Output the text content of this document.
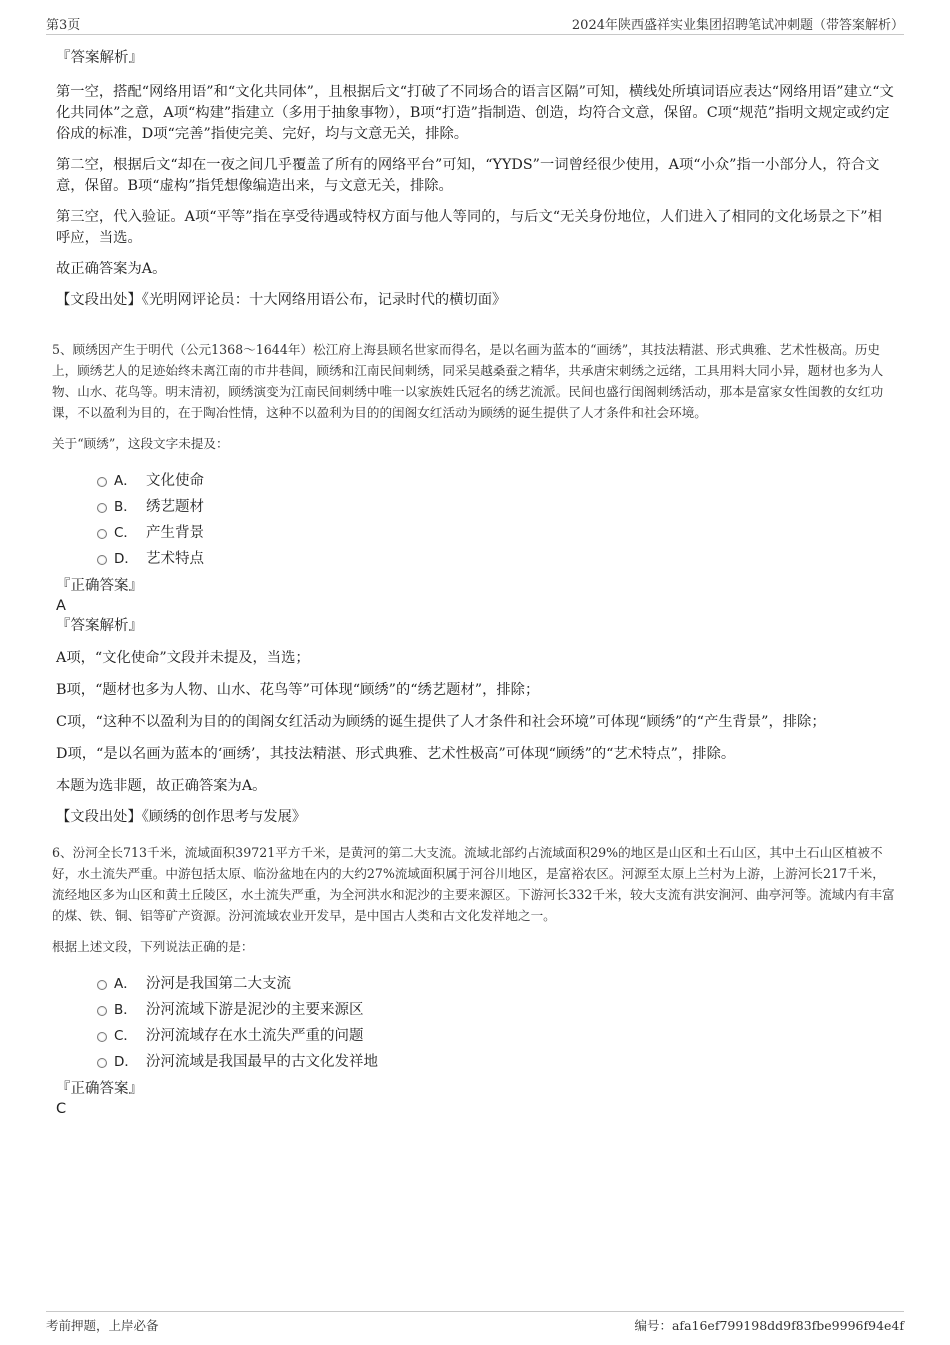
第3页	2024年陕西盛祥实业集团招聘笔试冲刺题（带答案解析）

『答案解析』

第一空，搭配“网络用语”和“文化共同体”，且根据后文“打破了不同场合的语言区隔”可知，横线处所填词语应表达“网络用语”建立“文化共同体”之意，A项“构建”指建立（多用于抽象事物），B项“打造”指制造、创造，均符合文意，保留。C项“规范”指明文规定或约定俗成的标准，D项“完善”指使完美、完好，均与文意无关，排除。

第二空，根据后文“却在一夜之间几乎覆盖了所有的网络平台”可知，“YYDS”一词曾经很少使用，A项“小众”指一小部分人，符合文意，保留。B项“虚构”指凭想像编造出来，与文意无关，排除。

第三空，代入验证。A项“平等”指在享受待遇或特权方面与他人等同的，与后文“无关身份地位，人们进入了相同的文化场景之下”相呼应，当选。

故正确答案为A。

【文段出处】《光明网评论员：十大网络用语公布，记录时代的横切面》

5、顾绣因产生于明代（公元1368～1644年）松江府上海县顾名世家而得名，是以名画为蓝本的“画绣”，其技法精湛、形式典雅、艺术性极高。历史上，顾绣艺人的足迹始终未离江南的市井巷闾，顾绣和江南民间刺绣，同采吴越桑蚕之精华，共承唐宋刺绣之远绪，工具用料大同小异，题材也多为人物、山水、花鸟等。明末清初，顾绣演变为江南民间刺绣中唯一以家族姓氏冠名的绣艺流派。民间也盛行闺阁刺绣活动，那本是富家女性闺教的女红功课，不以盈利为目的，在于陶冶性情，这种不以盈利为目的的闺阁女红活动为顾绣的诞生提供了人才条件和社会环境。

关于“顾绣”，这段文字未提及：

A． 文化使命
B． 绣艺题材
C． 产生背景
D． 艺术特点

『正确答案』

A

『答案解析』

A项，“文化使命”文段并未提及，当选；

B项，“题材也多为人物、山水、花鸟等”可体现“顾绣”的“绣艺题材”，排除；

C项，“这种不以盈利为目的的闺阁女红活动为顾绣的诞生提供了人才条件和社会环境”可体现“顾绣”的“产生背景”，排除；

D项，“是以名画为蓝本的‘画绣’，其技法精湛、形式典雅、艺术性极高”可体现“顾绣”的“艺术特点”，排除。

本题为选非题，故正确答案为A。

【文段出处】《顾绣的创作思考与发展》

6、汾河全长713千米，流域面积39721平方千米，是黄河的第二大支流。流域北部约占流域面积29%的地区是山区和土石山区，其中土石山区植被不好，水土流失严重。中游包括太原、临汾盆地在内的大约27%流域面积属于河谷川地区，是富裕农区。河源至太原上兰村为上游，上游河长217千米，流经地区多为山区和黄土丘陵区，水土流失严重，为全河洪水和泥沙的主要来源区。下游河长332千米，较大支流有洪安涧河、曲亭河等。流域内有丰富的煤、铁、铜、铝等矿产资源。汾河流域农业开发早，是中国古人类和古文化发祥地之一。

根据上述文段，下列说法正确的是：

A． 汾河是我国第二大支流
B． 汾河流域下游是泥沙的主要来源区
C． 汾河流域存在水土流失严重的问题
D． 汾河流域是我国最早的古文化发祥地

『正确答案』

C

考前押题，上岸必备	编号：afa16ef799198dd9f83fbe9996f94e4f
